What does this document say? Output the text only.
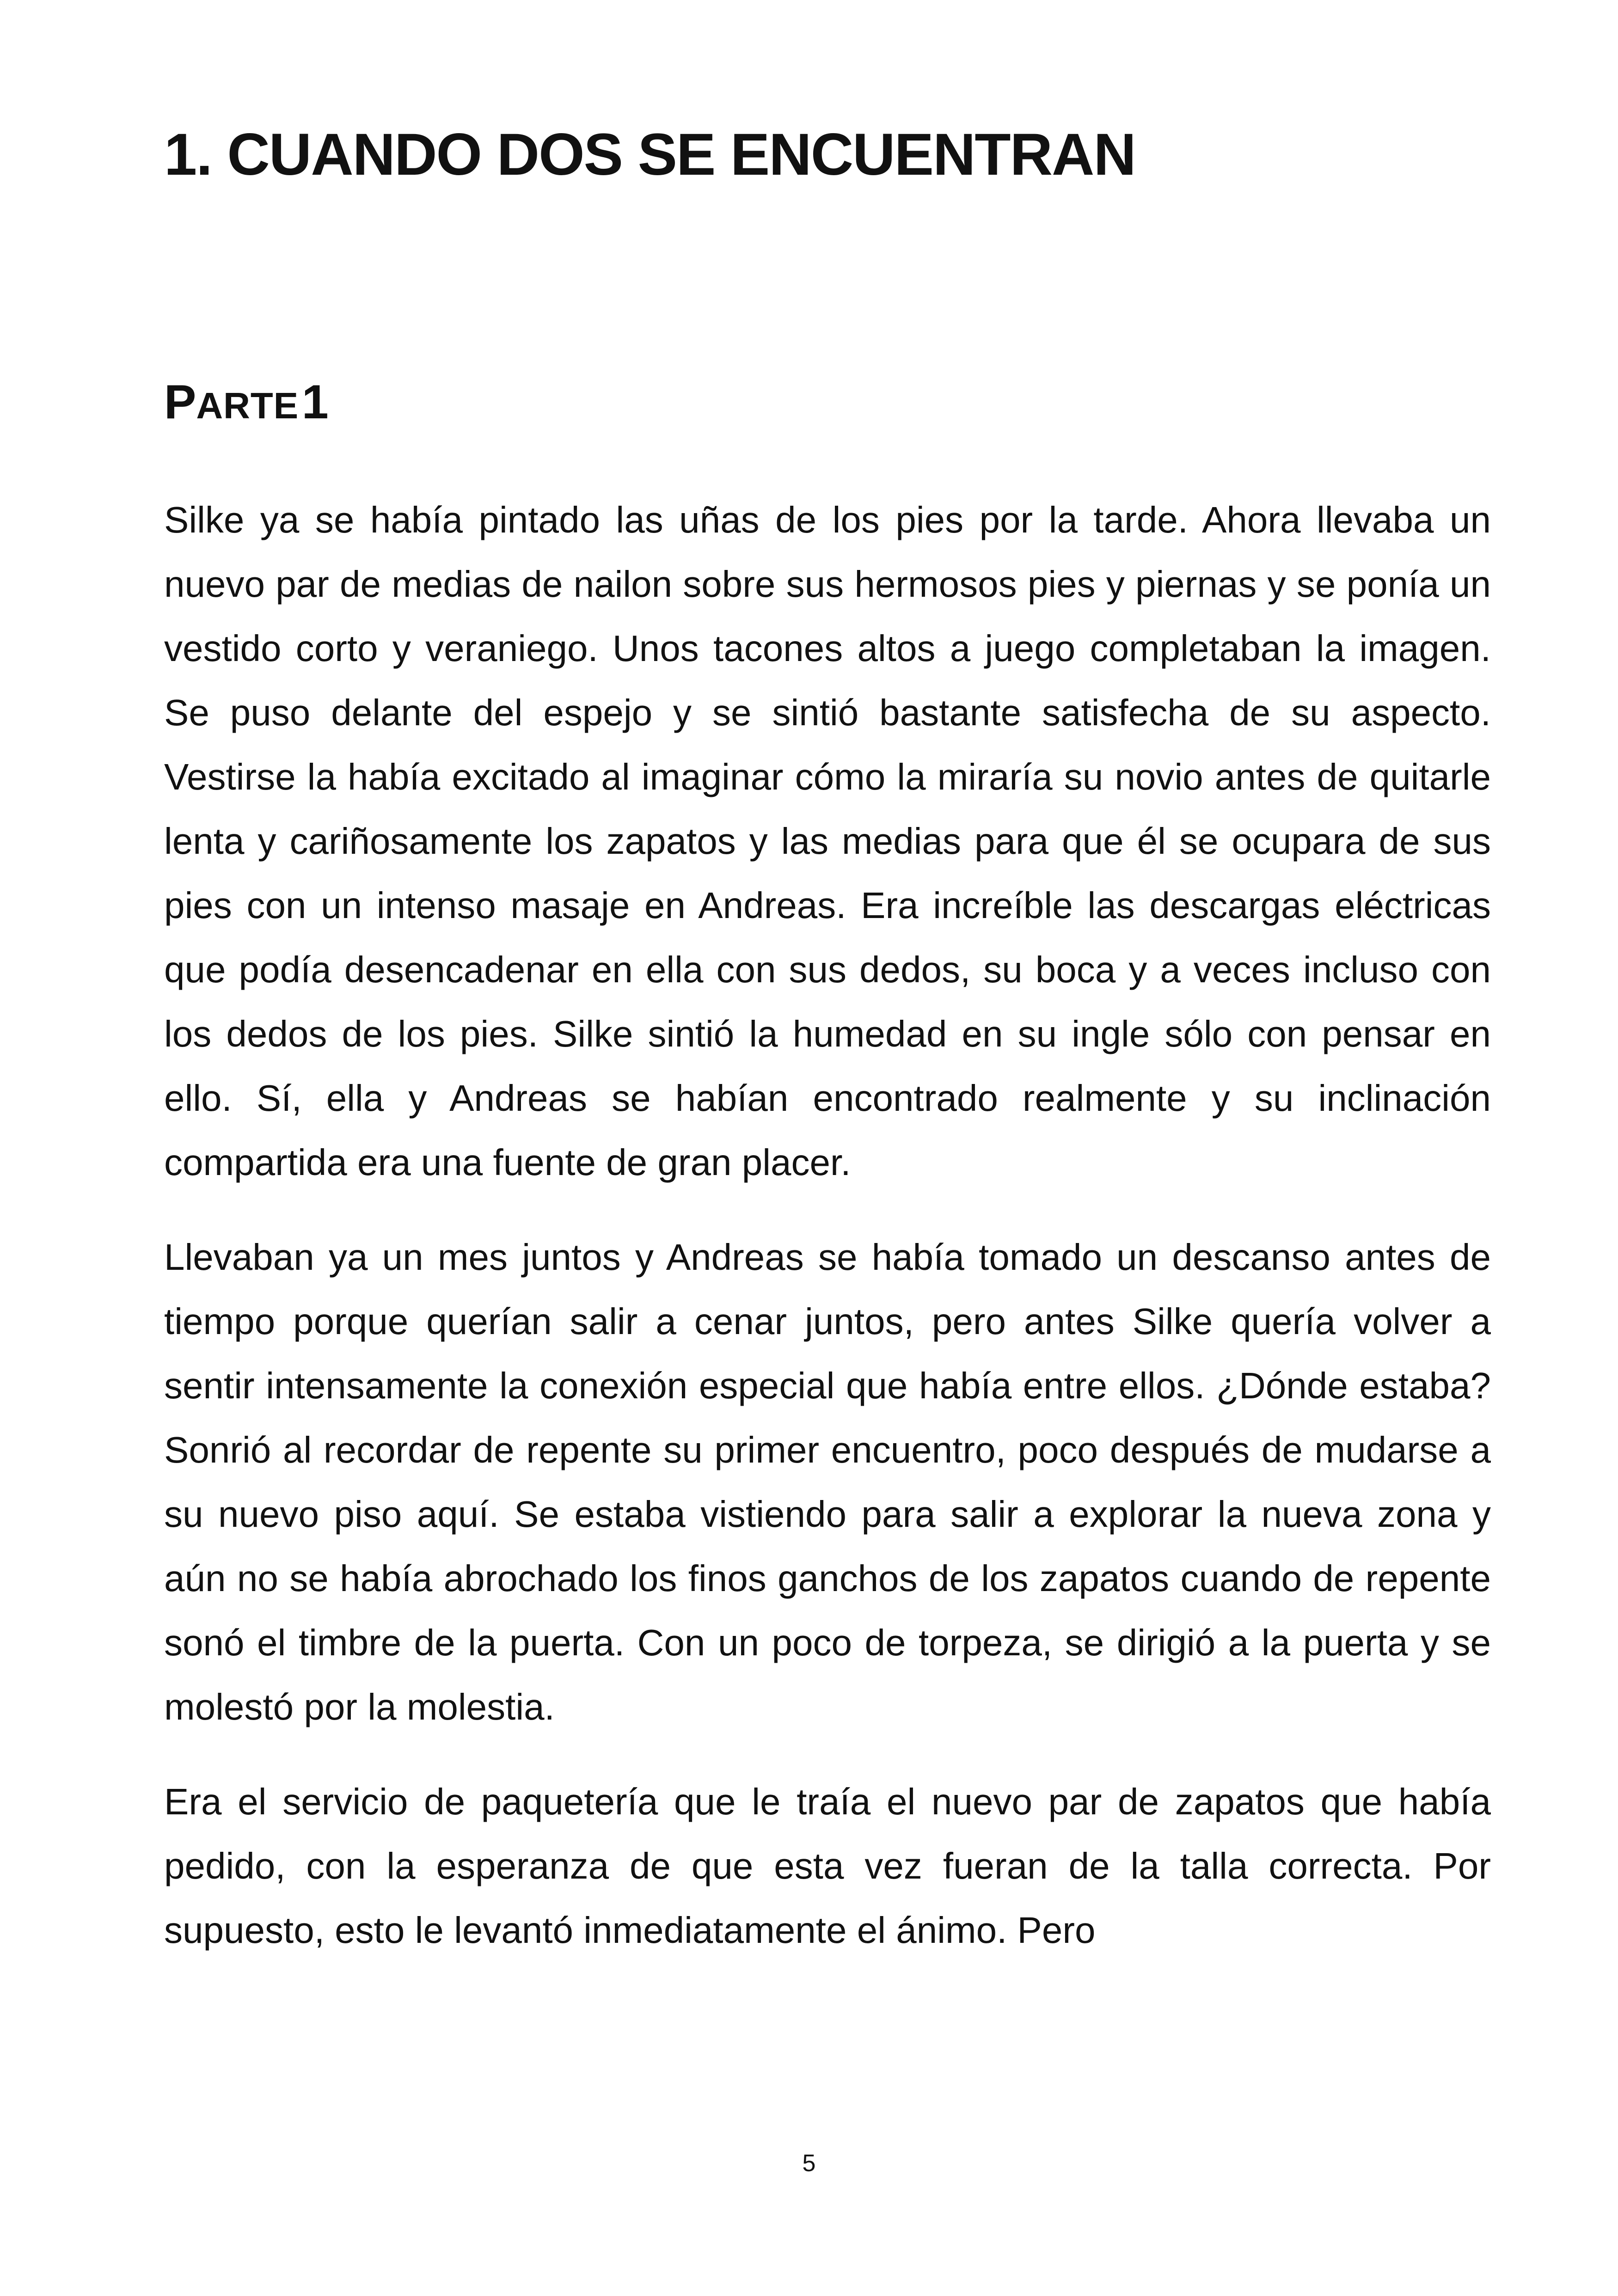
1. CUANDO DOS SE ENCUENTRAN
PARTE 1

Silke ya se había pintado las uñas de los pies por la tarde. Ahora llevaba un nuevo par de medias de nailon sobre sus hermosos pies y piernas y se ponía un vestido corto y veraniego. Unos tacones altos a juego completaban la imagen. Se puso delante del espejo y se sintió bastante satisfecha de su aspecto. Vestirse la había excitado al imaginar cómo la miraría su novio antes de quitarle lenta y cariñosamente los zapatos y las medias para que él se ocupara de sus pies con un intenso masaje en Andreas. Era increíble las descargas eléctricas que podía desencadenar en ella con sus dedos, su boca y a veces incluso con los dedos de los pies. Silke sintió la humedad en su ingle sólo con pensar en ello. Sí, ella y Andreas se habían encontrado realmente y su inclinación compartida era una fuente de gran placer.

Llevaban ya un mes juntos y Andreas se había tomado un descanso antes de tiempo porque querían salir a cenar juntos, pero antes Silke quería volver a sentir intensamente la conexión especial que había entre ellos. ¿Dónde estaba? Sonrió al recordar de repente su primer encuentro, poco después de mudarse a su nuevo piso aquí. Se estaba vistiendo para salir a explorar la nueva zona y aún no se había abrochado los finos ganchos de los zapatos cuando de repente sonó el timbre de la puerta. Con un poco de torpeza, se dirigió a la puerta y se molestó por la molestia.

Era el servicio de paquetería que le traía el nuevo par de zapatos que había pedido, con la esperanza de que esta vez fueran de la talla correcta. Por supuesto, esto le levantó inmediatamente el ánimo. Pero

5
